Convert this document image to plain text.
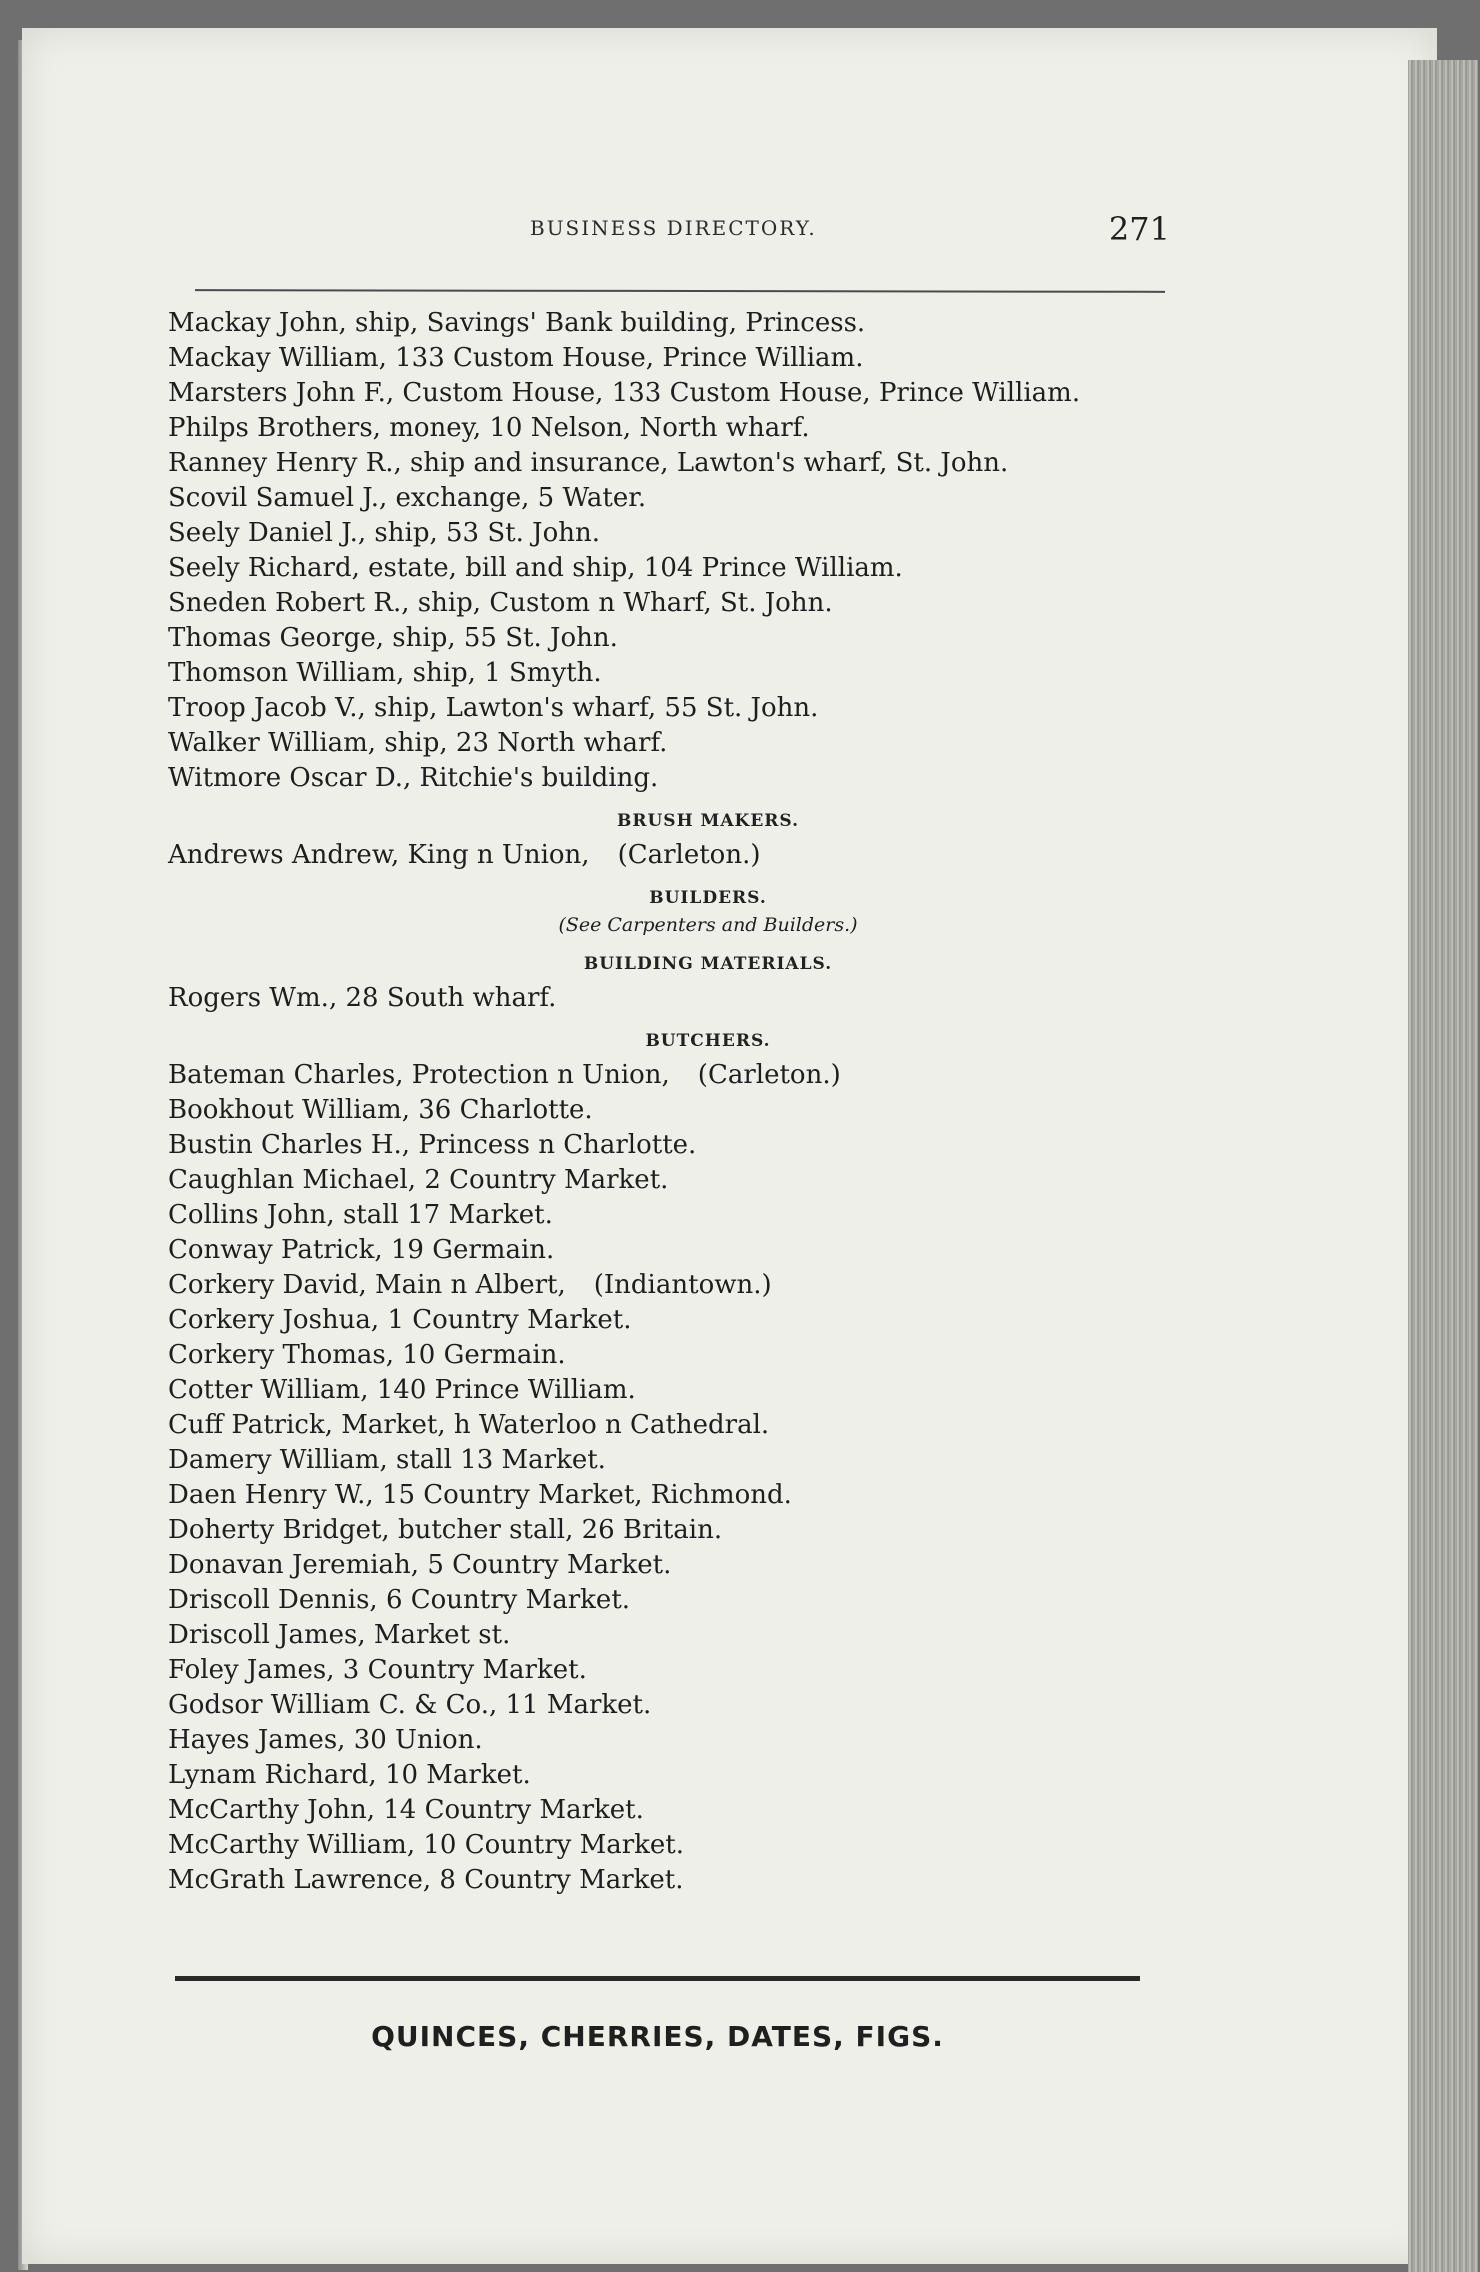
BUSINESS DIRECTORY.	271
Mackay John, ship, Savings' Bank building, Princess.
Mackay William, 133 Custom House, Prince William.
Marsters John F., Custom House, 133 Custom House, Prince William.
Philps Brothers, money, 10 Nelson, North wharf.
Ranney Henry R., ship and insurance, Lawton's wharf, St. John.
Scovil Samuel J., exchange, 5 Water.
Seely Daniel J., ship, 53 St. John.
Seely Richard, estate, bill and ship, 104 Prince William.
Sneden Robert R., ship, Custom n Wharf, St. John.
Thomas George, ship, 55 St. John.
Thomson William, ship, 1 Smyth.
Troop Jacob V., ship, Lawton's wharf, 55 St. John.
Walker William, ship, 23 North wharf.
Witmore Oscar D., Ritchie's building.
BRUSH MAKERS.
Andrews Andrew, King n Union, (Carleton.)
BUILDERS.
(See Carpenters and Builders.)
BUILDING MATERIALS.
Rogers Wm., 28 South wharf.
BUTCHERS.
Bateman Charles, Protection n Union, (Carleton.)
Bookhout William, 36 Charlotte.
Bustin Charles H., Princess n Charlotte.
Caughlan Michael, 2 Country Market.
Collins John, stall 17 Market.
Conway Patrick, 19 Germain.
Corkery David, Main n Albert, (Indiantown.)
Corkery Joshua, 1 Country Market.
Corkery Thomas, 10 Germain.
Cotter William, 140 Prince William.
Cuff Patrick, Market, h Waterloo n Cathedral.
Damery William, stall 13 Market.
Daen Henry W., 15 Country Market, Richmond.
Doherty Bridget, butcher stall, 26 Britain.
Donavan Jeremiah, 5 Country Market.
Driscoll Dennis, 6 Country Market.
Driscoll James, Market st.
Foley James, 3 Country Market.
Godsor William C. & Co., 11 Market.
Hayes James, 30 Union.
Lynam Richard, 10 Market.
McCarthy John, 14 Country Market.
McCarthy William, 10 Country Market.
McGrath Lawrence, 8 Country Market.
QUINCES, CHERRIES, DATES, FIGS.
